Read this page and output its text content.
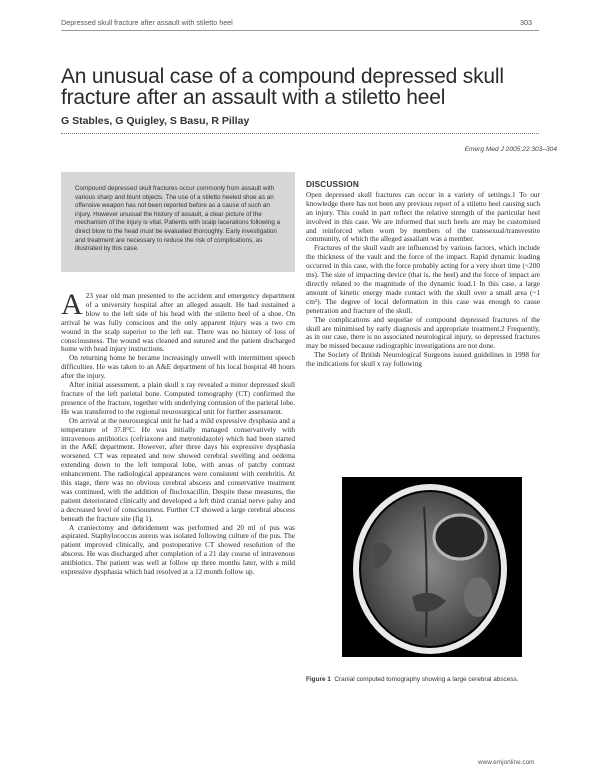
Depressed skull fracture after assault with stiletto heel	303
An unusual case of a compound depressed skull fracture after an assault with a stiletto heel
G Stables, G Quigley, S Basu, R Pillay
Emerg Med J 2005;22:303–304
Compound depressed skull fractures occur commonly from assault with various sharp and blunt objects. The use of a stiletto heeled shoe as an offensive weapon has not been reported before as a cause of such an injury. However unusual the history of assault, a clear picture of the mechanism of the injury is vital. Patients with scalp lacerations following a direct blow to the head must be evaluated thoroughly. Early investigation and treatment are necessary to reduce the risk of complications, as illustrated by this case.
A 23 year old man presented to the accident and emergency department of a university hospital after an alleged assault. He had sustained a blow to the left side of his head with the stiletto heel of a shoe. On arrival he was fully conscious and the only apparent injury was a two cm wound in the scalp superior to the left ear. There was no history of loss of consciousness. The wound was cleaned and sutured and the patient discharged home with head injury instructions.

On returning home he became increasingly unwell with intermittent speech difficulties. He was taken to an A&E department of his local hospital 48 hours after the injury.

After initial assessment, a plain skull x ray revealed a minor depressed skull fracture of the left parietal bone. Computed tomography (CT) confirmed the presence of the fracture, together with underlying contusion of the parietal lobe. He was transferred to the regional neurosurgical unit for further assessment.

On arrival at the neurosurgical unit he had a mild expressive dysphasia and a temperature of 37.8°C. He was initially managed conservatively with intravenous antibiotics (cefriaxone and metronidazole) which had been started in the A&E department. However, after three days his expressive dysphasia worsened. CT was repeated and now showed cerebral swelling and oedema extending down to the left temporal lobe, with areas of patchy contrast enhancement. The radiological appearances were consistent with cerebritis. At this stage, there was no obvious cerebral abscess and conservative treatment was continued, with the addition of flucloxacillin. Despite these measures, the patient deteriorated clinically and developed a left third cranial nerve palsy and a decreased level of consciousness. Further CT showed a large cerebral abscess beneath the fracture site (fig 1).

A craniectomy and debridement was performed and 20 ml of pus was aspirated. Staphylococcus aureus was isolated following culture of the pus. The patient improved clinically, and postoperative CT showed resolution of the abscess. He was discharged after completion of a 21 day course of intravenous antibiotics. The patient was well at follow up three months later, with a mild expressive dysphasia which had resolved at a 12 month follow up.

DISCUSSION

Open depressed skull fractures can occur in a variety of settings.1 To our knowledge there has not been any previous report of a stiletto heel causing such an injury. This could in part reflect the relative strength of the particular heel involved in this case. We are informed that such heels are may be customised and reinforced when worn by members of the transsexual/transvestite community, of which the alleged assailant was a member.

Fractures of the skull vault are influenced by various factors, which include the thickness of the vault and the force of the impact. Rapid dynamic loading occurred in this case, with the force probably acting for a very short time (<200 ms). The size of impacting device (that is, the heel) and the force of impact are directly related to the magnitude of the dynamic load.1 In this case, a large amount of kinetic energy made contact with the skull over a small area (~1 cm²). The degree of local deformation in this case was enough to cause penetration and fracture of the skull.

The complications and sequelae of compound depressed fractures of the skull are minimised by early diagnosis and appropriate treatment.2 Frequently, as in our case, there is no associated neurological injury, so depressed fractures may be missed because radiographic investigations are not done.

The Society of British Neurological Surgeons issued guidelines in 1998 for the indications for skull x ray following

Figure 1 Cranial computed tomography showing a large cerebral abscess.
www.emjonline.com
